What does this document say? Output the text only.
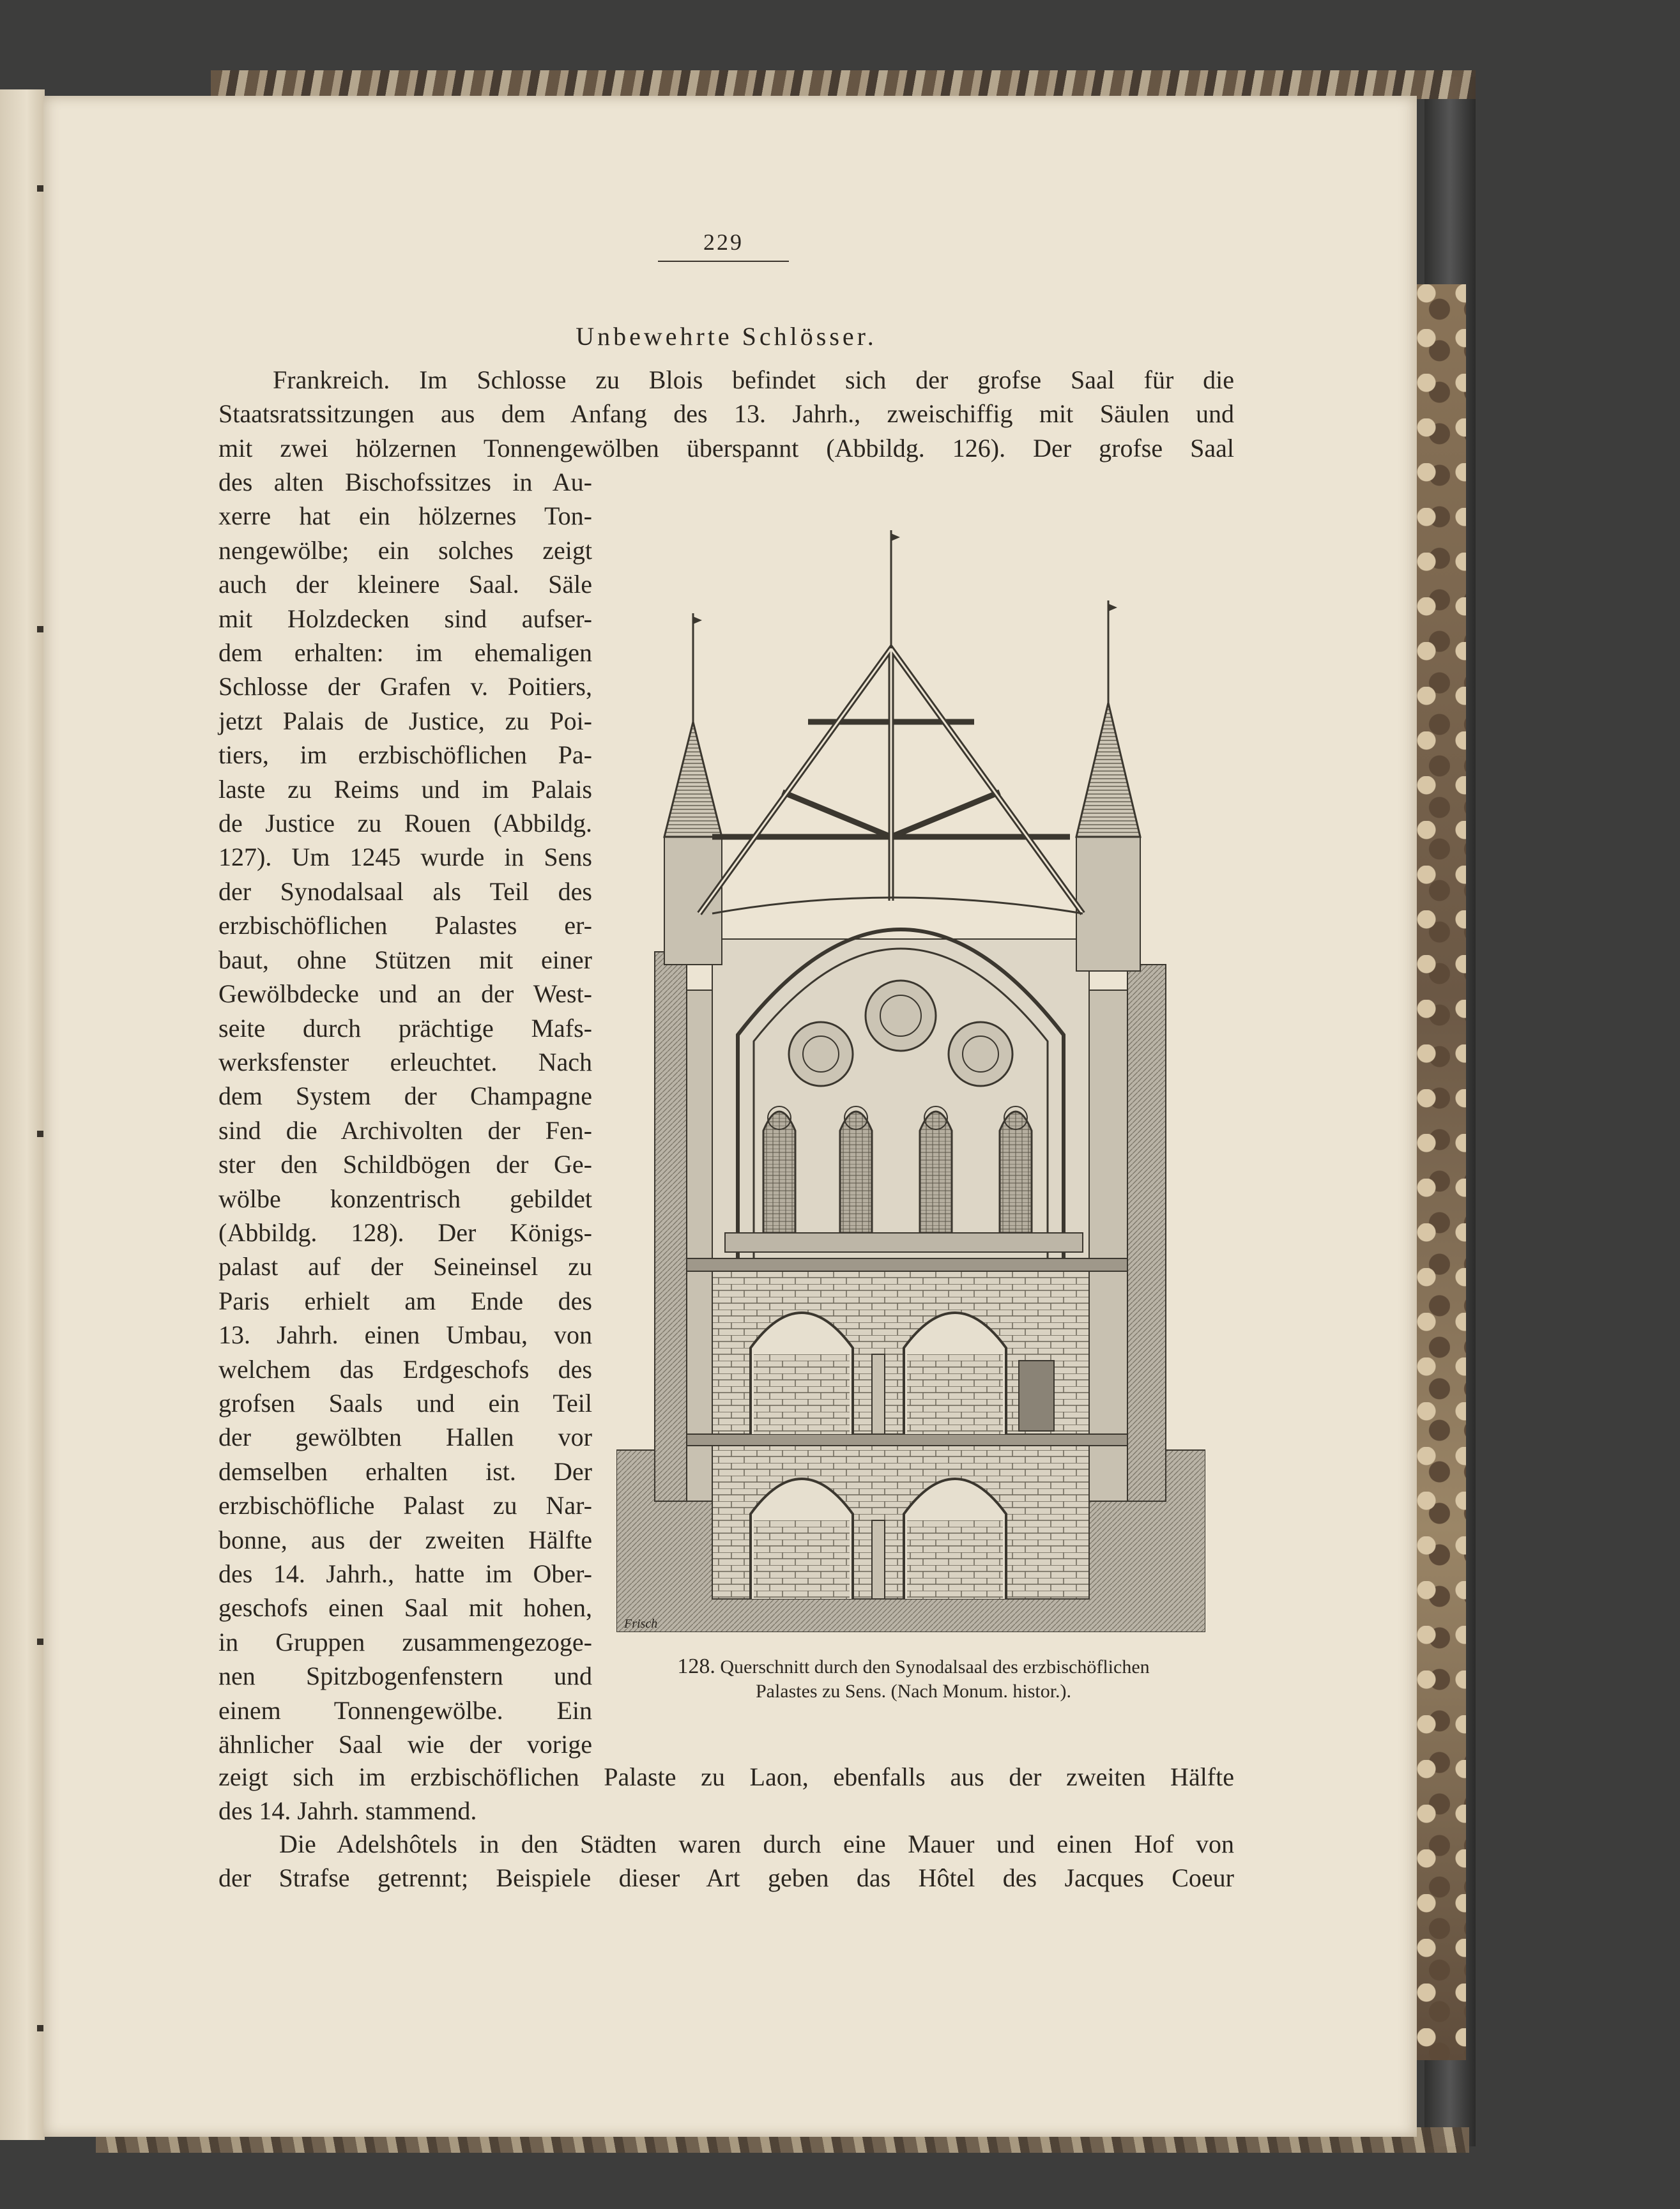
229
Unbewehrte Schlösser.
Frankreich. Im Schlosse zu Blois befindet sich der grofse Saal für die
Staatsratssitzungen aus dem Anfang des 13. Jahrh., zweischiffig mit Säulen und
mit zwei hölzernen Tonnengewölben überspannt (Abbildg. 126). Der grofse Saal
des alten Bischofssitzes in Au-
xerre hat ein hölzernes Ton-
nengewölbe; ein solches zeigt
auch der kleinere Saal. Säle
mit Holzdecken sind aufser-
dem erhalten: im ehemaligen
Schlosse der Grafen v. Poitiers,
jetzt Palais de Justice, zu Poi-
tiers, im erzbischöflichen Pa-
laste zu Reims und im Palais
de Justice zu Rouen (Abbildg.
127). Um 1245 wurde in Sens
der Synodalsaal als Teil des
erzbischöflichen Palastes er-
baut, ohne Stützen mit einer
Gewölbdecke und an der West-
seite durch prächtige Mafs-
werksfenster erleuchtet. Nach
dem System der Champagne
sind die Archivolten der Fen-
ster den Schildbögen der Ge-
wölbe konzentrisch gebildet
(Abbildg. 128). Der Königs-
palast auf der Seineinsel zu
Paris erhielt am Ende des
13. Jahrh. einen Umbau, von
welchem das Erdgeschofs des
grofsen Saals und ein Teil
der gewölbten Hallen vor
demselben erhalten ist. Der
erzbischöfliche Palast zu Nar-
bonne, aus der zweiten Hälfte
des 14. Jahrh., hatte im Ober-
geschofs einen Saal mit hohen,
in Gruppen zusammengezoge-
nen Spitzbogenfenstern und
einem Tonnengewölbe. Ein
ähnlicher Saal wie der vorige
zeigt sich im erzbischöflichen Palaste zu Laon, ebenfalls aus der zweiten Hälfte
des 14. Jahrh. stammend.
Die Adelshôtels in den Städten waren durch eine Mauer und einen Hof von
der Strafse getrennt; Beispiele dieser Art geben das Hôtel des Jacques Coeur
Frisch
128. Querschnitt durch den Synodalsaal des erzbischöflichen
Palastes zu Sens. (Nach Monum. histor.).
